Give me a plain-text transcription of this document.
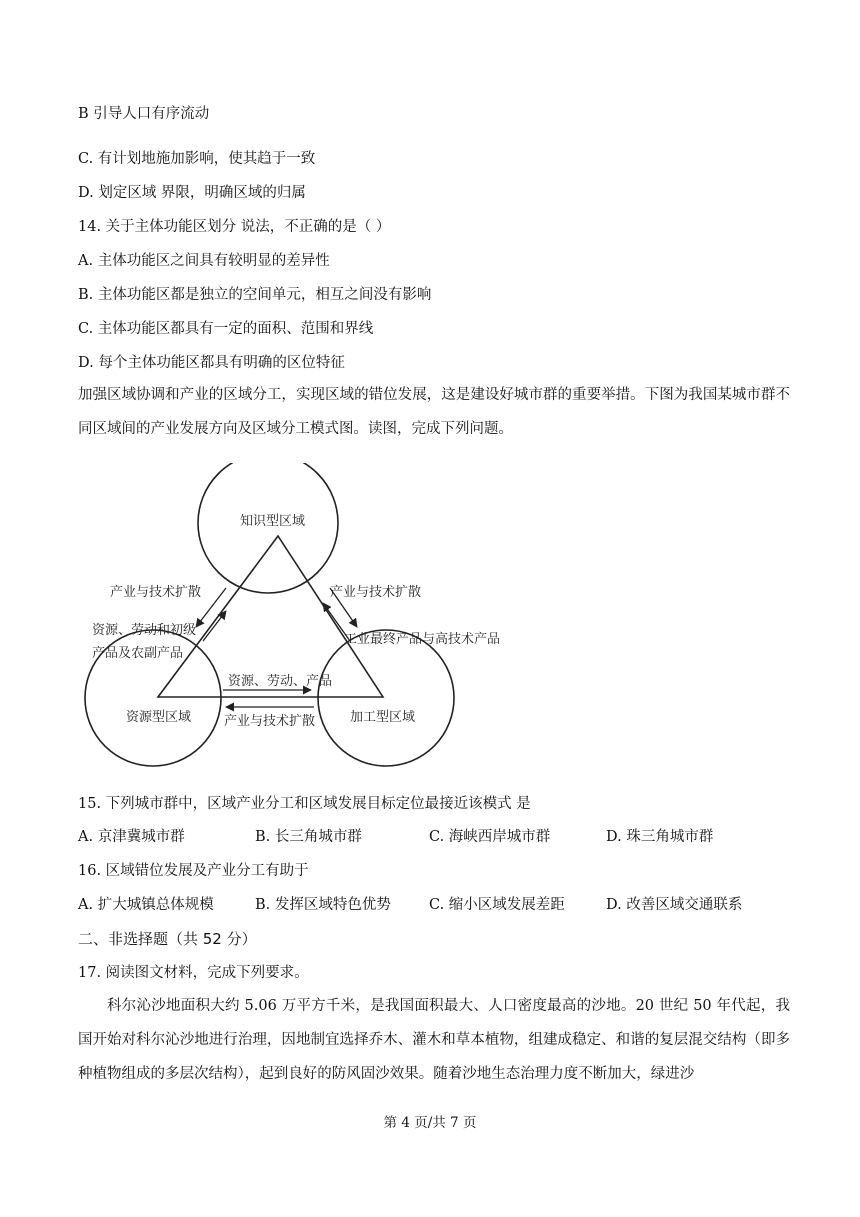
B 引导人口有序流动
C. 有计划地施加影响，使其趋于一致
D. 划定区域 界限，明确区域的归属
14. 关于主体功能区划分 说法，不正确的是（ ）
A. 主体功能区之间具有较明显的差异性
B. 主体功能区都是独立的空间单元，相互之间没有影响
C. 主体功能区都具有一定的面积、范围和界线
D. 每个主体功能区都具有明确的区位特征
加强区域协调和产业的区域分工，实现区域的错位发展，这是建设好城市群的重要举措。下图为我国某城市群不同区域间的产业发展方向及区域分工模式图。读图，完成下列问题。
知识型区域
资源型区域	加工型区域
产业与技术扩散
资源、劳动和初级
产品及农副产品
产业与技术扩散
工业最终产品与高技术产品
资源、劳动、产品
产业与技术扩散
15. 下列城市群中，区域产业分工和区域发展目标定位最接近该模式 是
A. 京津冀城市群	B. 长三角城市群	C. 海峡西岸城市群	D. 珠三角城市群
16. 区域错位发展及产业分工有助于
A. 扩大城镇总体规模	B. 发挥区域特色优势	C. 缩小区域发展差距	D. 改善区域交通联系
二、非选择题（共 52 分）
17. 阅读图文材料，完成下列要求。
科尔沁沙地面积大约 5.06 万平方千米，是我国面积最大、人口密度最高的沙地。20 世纪 50 年代起，我国开始对科尔沁沙地进行治理，因地制宜选择乔木、灌木和草本植物，组建成稳定、和谐的复层混交结构（即多种植物组成的多层次结构），起到良好的防风固沙效果。随着沙地生态治理力度不断加大，绿进沙
第 4 页/共 7 页
